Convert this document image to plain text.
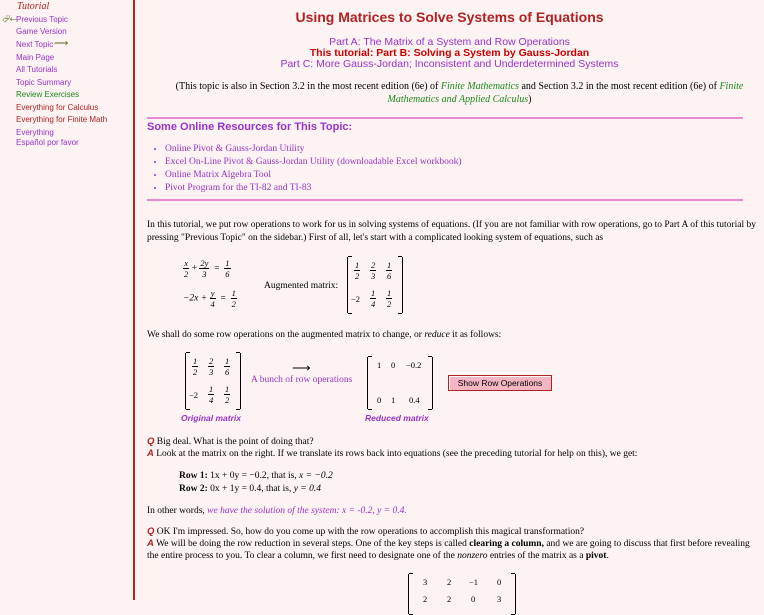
Tutorial
⮰⟵
Previous Topic
Game Version
Next Topic ⟶
Main Page
All Tutorials
Topic Summary
Review Exercises
Everything for Calculus
Everything for Finite Math
Everything
Español por favor
Using Matrices to Solve Systems of Equations
Part A: The Matrix of a System and Row Operations
This tutorial: Part B: Solving a System by Gauss-Jordan
Part C: More Gauss-Jordan; Inconsistent and Underdetermined Systems
(This topic is also in Section 3.2 in the most recent edition (6e) of Finite Mathematics and Section 3.2 in the most recent edition (6e) of Finite Mathematics and Applied Calculus)
Some Online Resources for This Topic:
• Online Pivot & Gauss-Jordan Utility
• Excel On-Line Pivot & Gauss-Jordan Utility (downloadable Excel workbook)
• Online Matrix Algebra Tool
• Pivot Program for the TI-82 and TI-83
In this tutorial, we put row operations to work for us in solving systems of equations. (If you are not familiar with row operations, go to Part A of this tutorial by pressing "Previous Topic" on the sidebar.) First of all, let's start with a complicated looking system of equations, such as
$\frac{x}{2} + \frac{2y}{3} = \frac{1}{6}$
$-2x + \frac{y}{4} = \frac{1}{2}$
Augmented matrix:
$\frac{1}{2} \frac{2}{3} \frac{1}{6}$
$-2 \frac{1}{4} \frac{1}{2}$
We shall do some row operations on the augmented matrix to change, or reduce it as follows:
$\frac{1}{2} \frac{2}{3} \frac{1}{6}$
$-2 \frac{1}{4} \frac{1}{2}$
Original matrix
⟶
A bunch of row operations
1 0 −0.2
0 1 0.4
Reduced matrix
Show Row Operations
Q Big deal. What is the point of doing that?
A Look at the matrix on the right. If we translate its rows back into equations (see the preceding tutorial for help on this), we get:
Row 1: 1x + 0y = −0.2, that is, x = −0.2
Row 2: 0x + 1y = 0.4, that is, y = 0.4
In other words, we have the solution of the system: x = -0.2, y = 0.4.
Q OK I'm impressed. So, how do you come up with the row operations to accomplish this magical transformation?
A We will be doing the row reduction in several steps. One of the key steps is called clearing a column, and we are going to discuss that first before revealing the entire process to you. To clear a column, we first need to designate one of the nonzero entries of the matrix as a pivot.
3 2 −1 0
2 2 0	3
